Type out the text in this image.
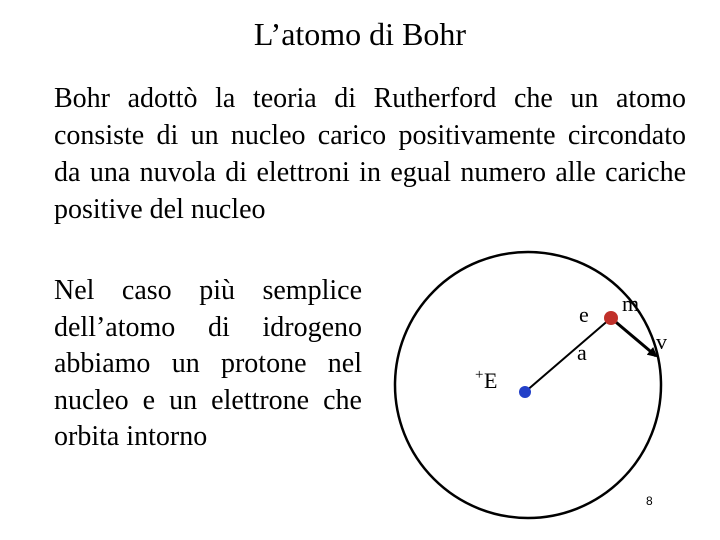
L’atomo di Bohr
Bohr adottò la teoria di Rutherford che un atomo consiste di un nucleo carico positivamente circondato da una nuvola di elettroni in egual numero alle cariche positive del nucleo
Nel caso più semplice dell’atomo di idrogeno abbiamo un protone nel nucleo e un elettrone che orbita intorno
+ E
e m
a	v
8
